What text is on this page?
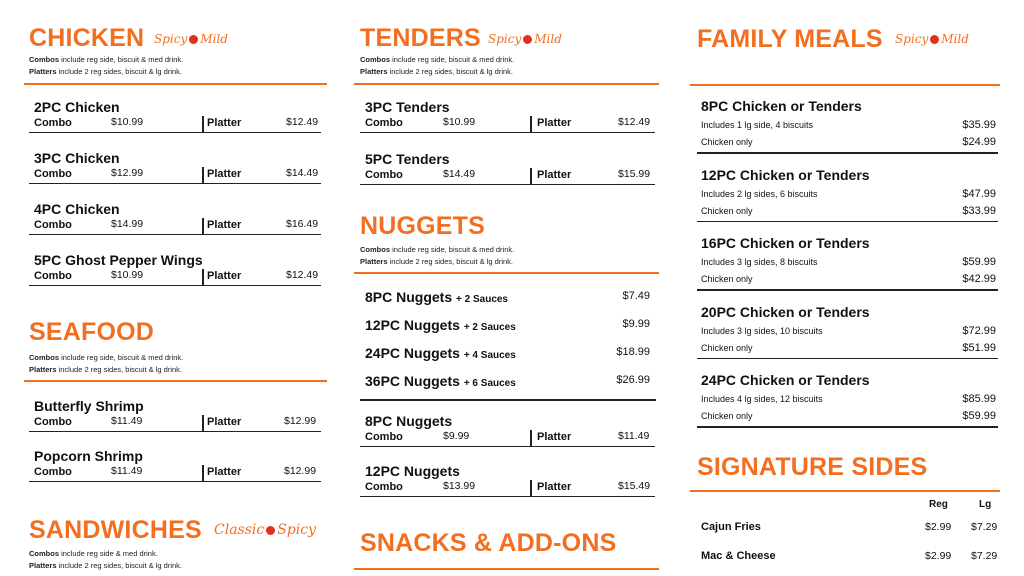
CHICKEN Spicy Mild
Combos include reg side, biscuit & med drink.
Platters include 2 reg sides, biscuit & lg drink.
2PC Chicken
Combo	$10.99	Platter	$12.49
3PC Chicken
Combo	$12.99	Platter	$14.49
4PC Chicken
Combo	$14.99	Platter	$16.49
5PC Ghost Pepper Wings
Combo	$10.99	Platter	$12.49
SEAFOOD
Combos include reg side, biscuit & med drink.
Platters include 2 reg sides, biscuit & lg drink.
Butterfly Shrimp
Combo	$11.49	Platter	$12.99
Popcorn Shrimp
Combo	$11.49	Platter	$12.99
SANDWICHES Classic Spicy
Combos include reg side & med drink.
Platters include 2 reg sides, biscuit & lg drink.
TENDERS Spicy Mild
Combos include reg side, biscuit & med drink.
Platters include 2 reg sides, biscuit & lg drink.
3PC Tenders
Combo	$10.99	Platter	$12.49
5PC Tenders
Combo	$14.49	Platter	$15.99
NUGGETS
Combos include reg side, biscuit & med drink.
Platters include 2 reg sides, biscuit & lg drink.
8PC Nuggets + 2 Sauces	$7.49
12PC Nuggets + 2 Sauces	$9.99
24PC Nuggets + 4 Sauces	$18.99
36PC Nuggets + 6 Sauces	$26.99
8PC Nuggets
Combo	$9.99	Platter	$11.49
12PC Nuggets
Combo	$13.99	Platter	$15.49
SNACKS & ADD-ONS
FAMILY MEALS Spicy Mild
8PC Chicken or Tenders
Includes 1 lg side, 4 biscuits	$35.99
Chicken only	$24.99
12PC Chicken or Tenders
Includes 2 lg sides, 6 biscuits	$47.99
Chicken only	$33.99
16PC Chicken or Tenders
Includes 3 lg sides, 8 biscuits	$59.99
Chicken only	$42.99
20PC Chicken or Tenders
Includes 3 lg sides, 10 biscuits	$72.99
Chicken only	$51.99
24PC Chicken or Tenders
Includes 4 lg sides, 12 biscuits	$85.99
Chicken only	$59.99
SIGNATURE SIDES
Reg	Lg
Cajun Fries	$2.99 $7.29
Mac & Cheese	$2.99 $7.29
